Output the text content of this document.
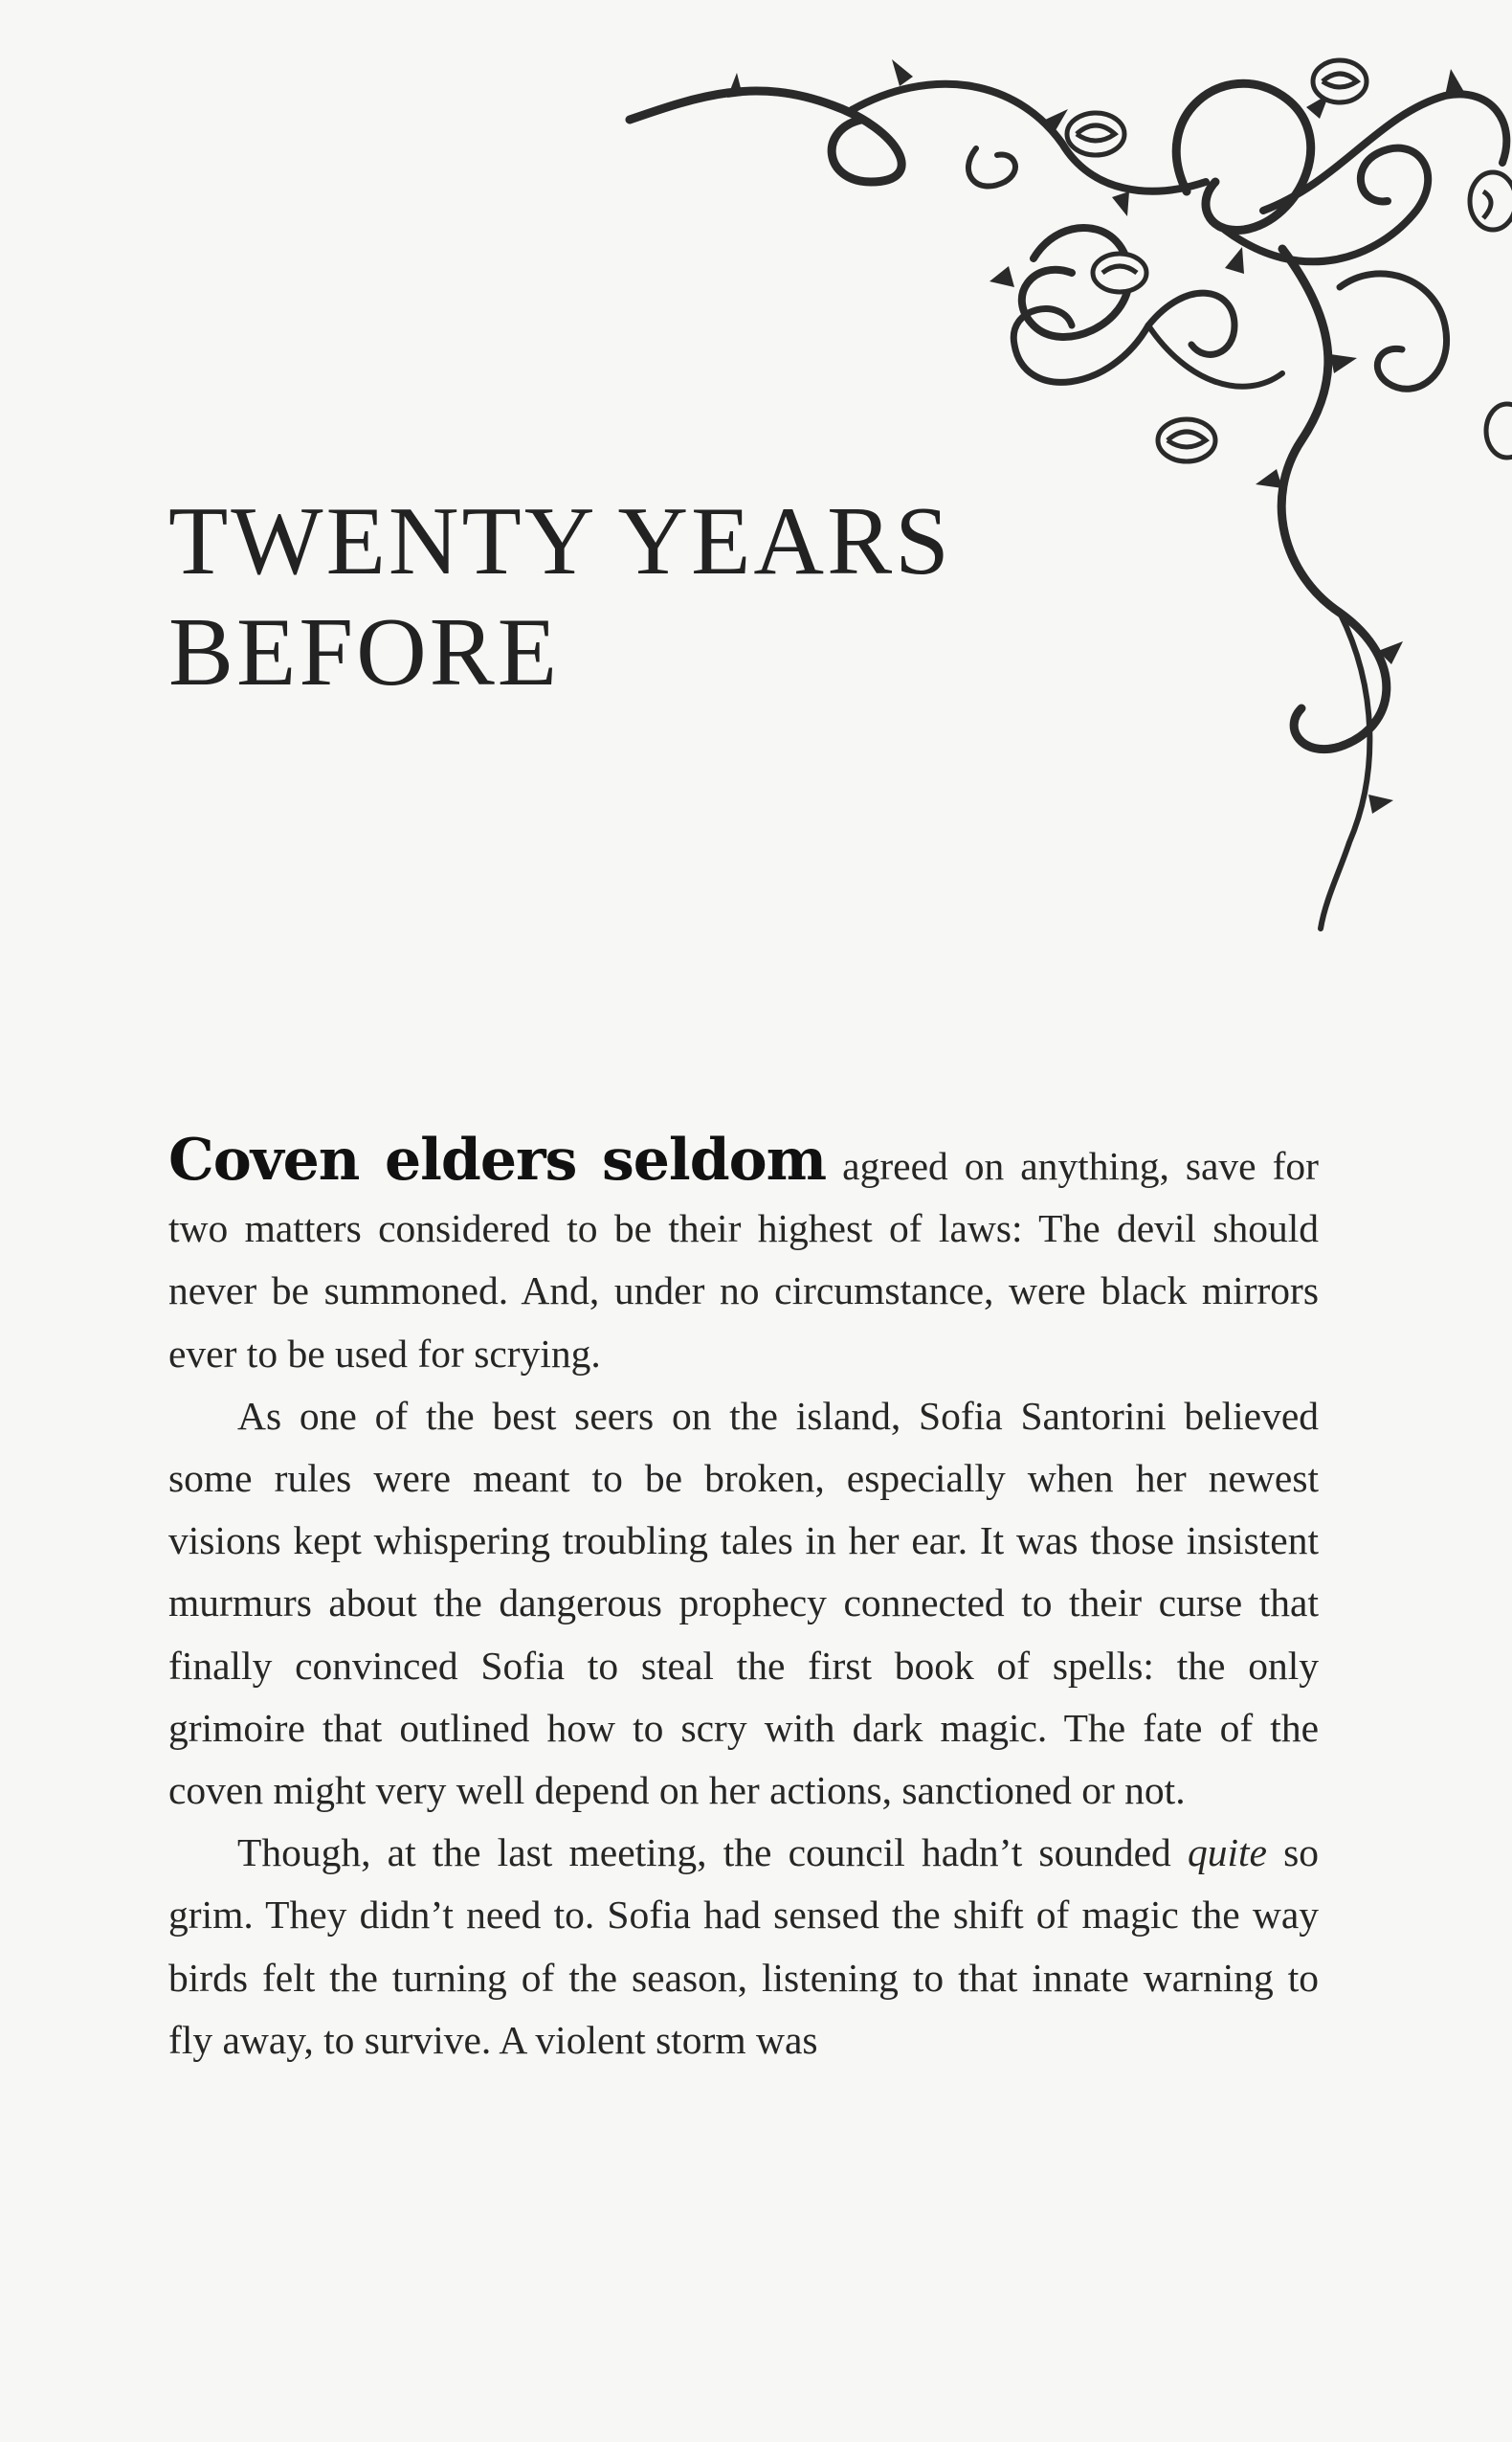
TWENTY YEARS
BEFORE

Coven elders seldom agreed on anything, save for two matters considered to be their highest of laws: The devil should never be summoned. And, under no circumstance, were black mirrors ever to be used for scrying.

As one of the best seers on the island, Sofia Santorini believed some rules were meant to be broken, especially when her newest visions kept whispering troubling tales in her ear. It was those insistent murmurs about the dangerous prophecy connected to their curse that finally convinced Sofia to steal the first book of spells: the only grimoire that outlined how to scry with dark magic. The fate of the coven might very well depend on her actions, sanctioned or not.

Though, at the last meeting, the council hadn’t sounded quite so grim. They didn’t need to. Sofia had sensed the shift of magic the way birds felt the turning of the season, listening to that innate warning to fly away, to survive. A violent storm was
